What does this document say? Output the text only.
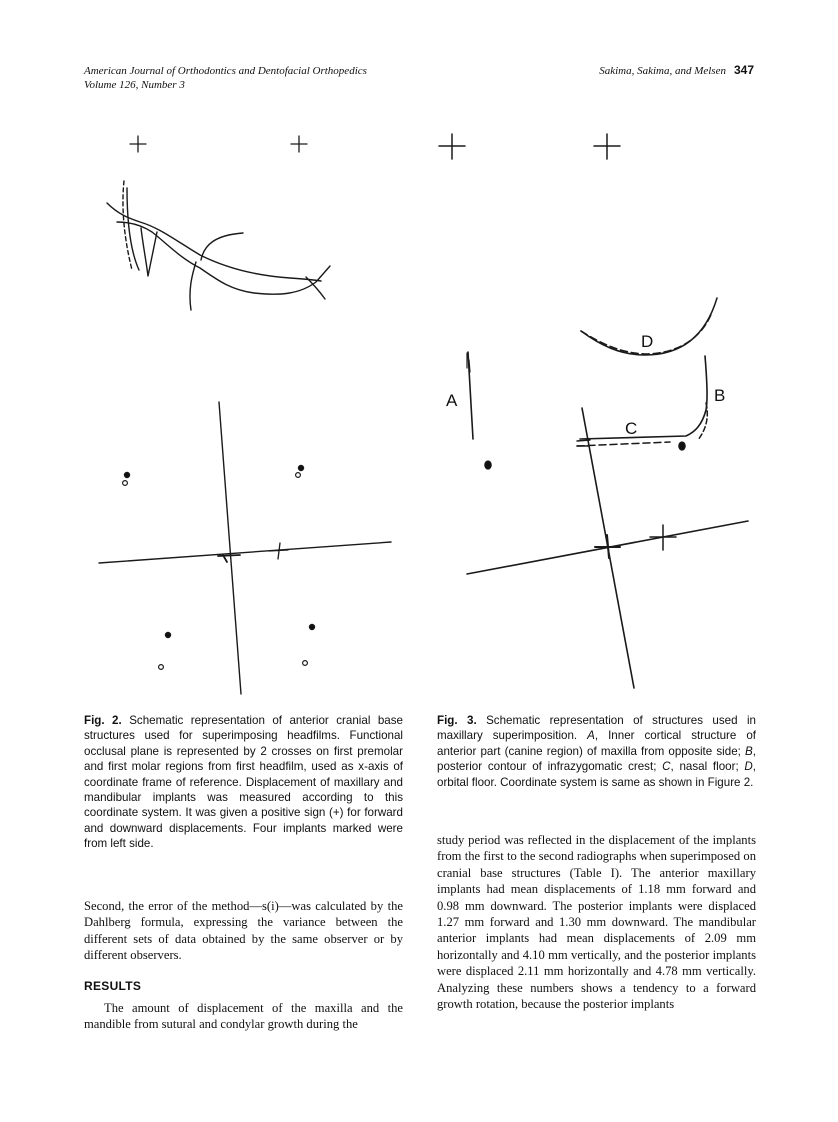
American Journal of Orthodontics and Dentofacial Orthopedics
Volume 126, Number 3
Sakima, Sakima, and Melsen 347
A	B
C
D
Fig. 2. Schematic representation of anterior cranial base structures used for superimposing headfilms. Functional occlusal plane is represented by 2 crosses on first premolar and first molar regions from first headfilm, used as x-axis of coordinate frame of reference. Displacement of maxillary and mandibular implants was measured according to this coordinate system. It was given a positive sign (+) for forward and downward displacements. Four implants marked were from left side.
Fig. 3. Schematic representation of structures used in maxillary superimposition. A, Inner cortical structure of anterior part (canine region) of maxilla from opposite side; B, posterior contour of infrazygomatic crest; C, nasal floor; D, orbital floor. Coordinate system is same as shown in Figure 2.

Second, the error of the method—s(i)—was calculated by the Dahlberg formula, expressing the variance between the different sets of data obtained by the same observer or by different observers.

RESULTS

The amount of displacement of the maxilla and the mandible from sutural and condylar growth during the

study period was reflected in the displacement of the implants from the first to the second radiographs when superimposed on cranial base structures (Table I). The anterior maxillary implants had mean displacements of 1.18 mm forward and 0.98 mm downward. The posterior implants were displaced 1.27 mm forward and 1.30 mm downward. The mandibular anterior implants had mean displacements of 2.09 mm horizontally and 4.10 mm vertically, and the posterior implants were displaced 2.11 mm horizontally and 4.78 mm vertically. Analyzing these numbers shows a tendency to a forward growth rotation, because the posterior implants
